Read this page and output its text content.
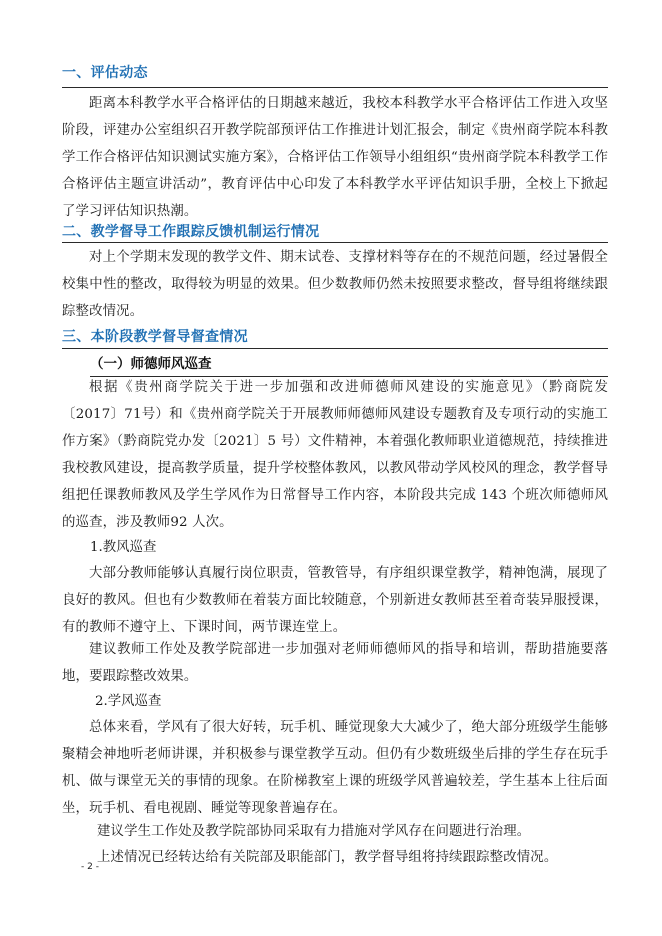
一、评估动态
距离本科教学水平合格评估的日期越来越近，我校本科教学水平合格评估工作进入攻坚阶段，评建办公室组织召开教学院部预评估工作推进计划汇报会，制定《贵州商学院本科教学工作合格评估知识测试实施方案》，合格评估工作领导小组组织“贵州商学院本科教学工作合格评估主题宣讲活动”，教育评估中心印发了本科教学水平评估知识手册，全校上下掀起了学习评估知识热潮。
二、教学督导工作跟踪反馈机制运行情况
对上个学期末发现的教学文件、期末试卷、支撑材料等存在的不规范问题，经过暑假全校集中性的整改，取得较为明显的效果。但少数教师仍然未按照要求整改，督导组将继续跟踪整改情况。
三、本阶段教学督导督查情况
（一）师德师风巡查
根据《贵州商学院关于进一步加强和改进师德师风建设的实施意见》（黔商院发〔2017〕71号）和《贵州商学院关于开展教师师德师风建设专题教育及专项行动的实施工作方案》（黔商院党办发〔2021〕5 号）文件精神，本着强化教师职业道德规范，持续推进我校教风建设，提高教学质量，提升学校整体教风，以教风带动学风校风的理念，教学督导组把任课教师教风及学生学风作为日常督导工作内容，本阶段共完成 143 个班次师德师风的巡查，涉及教师92 人次。
1.教风巡查
大部分教师能够认真履行岗位职责，管教管导，有序组织课堂教学，精神饱满，展现了良好的教风。但也有少数教师在着装方面比较随意，个别新进女教师甚至着奇装异服授课，有的教师不遵守上、下课时间，两节课连堂上。
建议教师工作处及教学院部进一步加强对老师师德师风的指导和培训，帮助措施要落地，要跟踪整改效果。
2.学风巡查
总体来看，学风有了很大好转，玩手机、睡觉现象大大减少了，绝大部分班级学生能够聚精会神地听老师讲课，并积极参与课堂教学互动。但仍有少数班级坐后排的学生存在玩手机、做与课堂无关的事情的现象。在阶梯教室上课的班级学风普遍较差，学生基本上往后面坐，玩手机、看电视剧、睡觉等现象普遍存在。
建议学生工作处及教学院部协同采取有力措施对学风存在问题进行治理。
上述情况已经转达给有关院部及职能部门，教学督导组将持续跟踪整改情况。
- 2 -
